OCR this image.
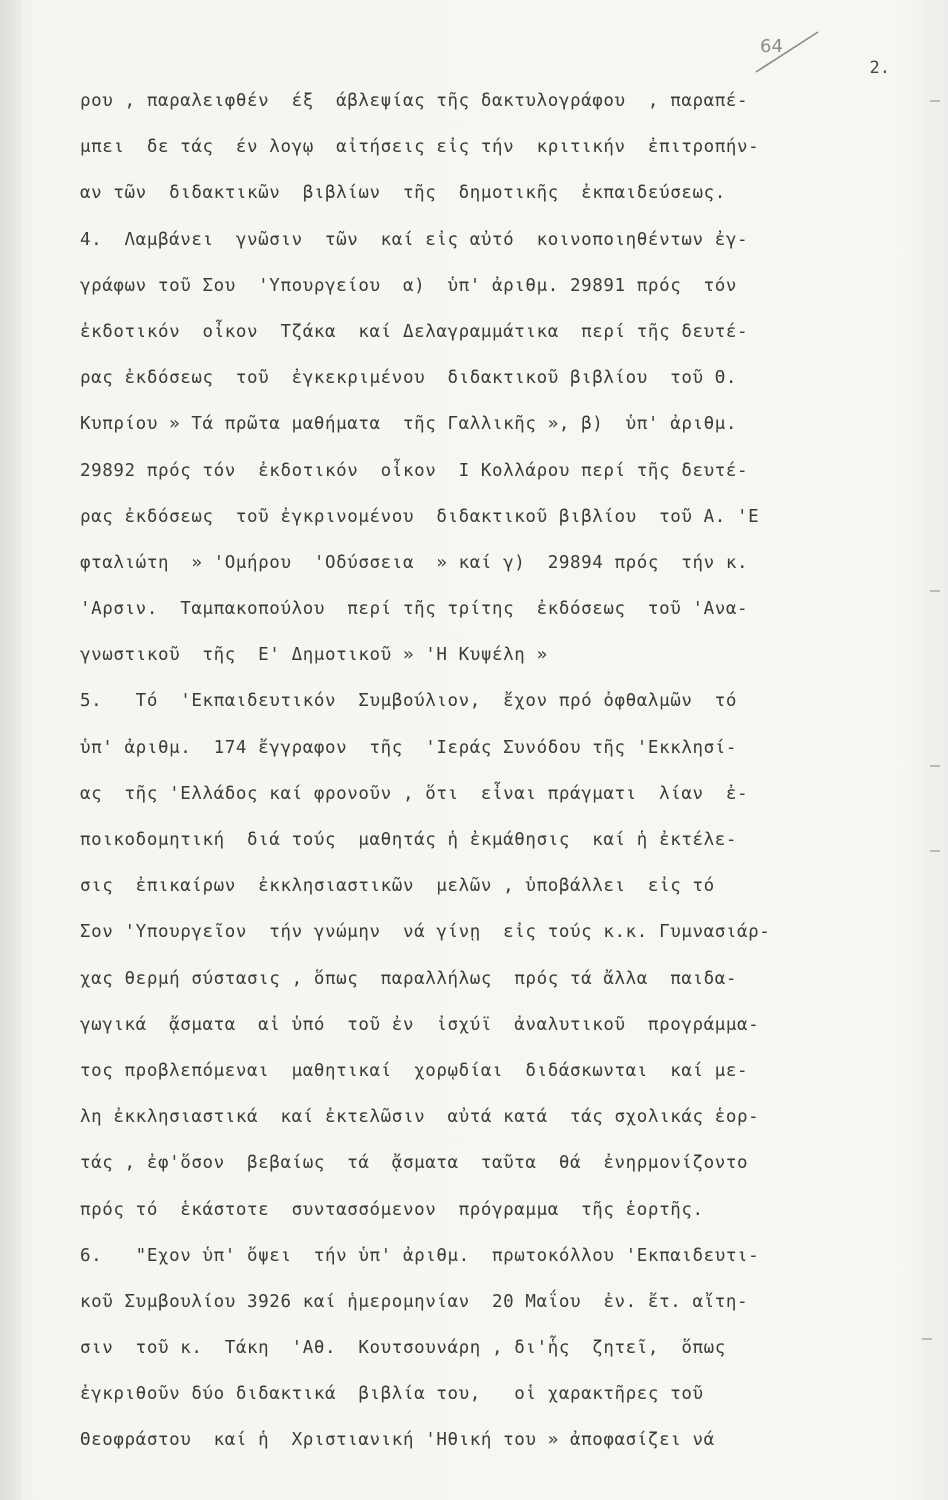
64
2.
ρου , παραλειφθέν  έξ  άβλεψίας τῆς δακτυλογράφου  , παραπέ-
μπει  δε τάς  έν λογῳ  αἰτήσεις εἰς τήν  κριτικήν  ἐπιτροπήν-
αν τῶν  διδακτικῶν  βιβλίων  τῆς  δημοτικῆς  ἐκπαιδεύσεως.
4.  Λαμβάνει  γνῶσιν  τῶν  καί εἰς αὐτό  κοινοποιηθέντων ἐγ-
γράφων τοῦ Σου  'Υπουργείου  α)  ὑπ' ἀριθμ. 29891 πρός  τόν
ἐκδοτικόν  οἶκον  Τζάκα  καί Δελαγραμμάτικα  περί τῆς δευτέ-
ρας ἐκδόσεως  τοῦ  ἐγκεκριμένου  διδακτικοῦ βιβλίου  τοῦ Θ.
Κυπρίου » Τά πρῶτα μαθήματα  τῆς Γαλλικῆς », β)  ὑπ' ἀριθμ.
29892 πρός τόν  ἐκδοτικόν  οἶκον  Ι Κολλάρου περί τῆς δευτέ-
ρας ἐκδόσεως  τοῦ ἐγκρινομένου  διδακτικοῦ βιβλίου  τοῦ Α. 'Ε
φταλιώτη  » 'Ομήρου  'Οδύσσεια  » καί γ)  29894 πρός  τήν κ.
'Αρσιν.  Ταμπακοπούλου  περί τῆς τρίτης  ἐκδόσεως  τοῦ 'Ανα-
γνωστικοῦ  τῆς  Ε' Δημοτικοῦ » 'Η Κυψέλη »
5.   Τό  'Εκπαιδευτικόν  Συμβούλιον,  ἔχον πρό ὀφθαλμῶν  τό
ὑπ' ἀριθμ.  174 ἔγγραφον  τῆς  'Ιεράς Συνόδου τῆς 'Εκκλησί-
ας  τῆς 'Ελλάδος καί φρονοῦν , ὅτι  εἶναι πράγματι  λίαν  ἐ-
ποικοδομητική  διά τούς  μαθητάς ἡ ἐκμάθησις  καί ἡ ἐκτέλε-
σις  ἐπικαίρων  ἐκκλησιαστικῶν  μελῶν , ὑποβάλλει  εἰς τό
Σον 'Υπουργεῖον  τήν γνώμην  νά γίνῃ  εἰς τούς κ.κ. Γυμνασιάρ-
χας θερμή σύστασις , ὅπως  παραλλήλως  πρός τά ἄλλα  παιδα-
γωγικά  ᾄσματα  αἱ ὑπό  τοῦ ἐν  ἰσχύϊ  ἀναλυτικοῦ  προγράμμα-
τος προβλεπόμεναι  μαθητικαί  χορῳδίαι  διδάσκωνται  καί με-
λη ἐκκλησιαστικά  καί ἐκτελῶσιν  αὐτά κατά  τάς σχολικάς ἑορ-
τάς , ἐφ'ὅσον  βεβαίως  τά  ᾄσματα  ταῦτα  θά  ἐνηρμονίζοντο
πρός τό  ἑκάστοτε  συντασσόμενον  πρόγραμμα  τῆς ἑορτῆς.
6.   "Εχον ὑπ' ὄψει  τήν ὑπ' ἀριθμ.  πρωτοκόλλου 'Εκπαιδευτι-
κοῦ Συμβουλίου 3926 καί ἡμερομηνίαν  20 Μαΐου  ἐν. ἔτ. αἴτη-
σιν  τοῦ κ.  Τάκη  'Αθ.  Κουτσουνάρη , δι'ἧς  ζητεῖ,  ὅπως
ἐγκριθοῦν δύο διδακτικά  βιβλία του,   οἱ χαρακτῆρες τοῦ
Θεοφράστου  καί ἡ  Χριστιανική 'Ηθική του » ἀποφασίζει νά
